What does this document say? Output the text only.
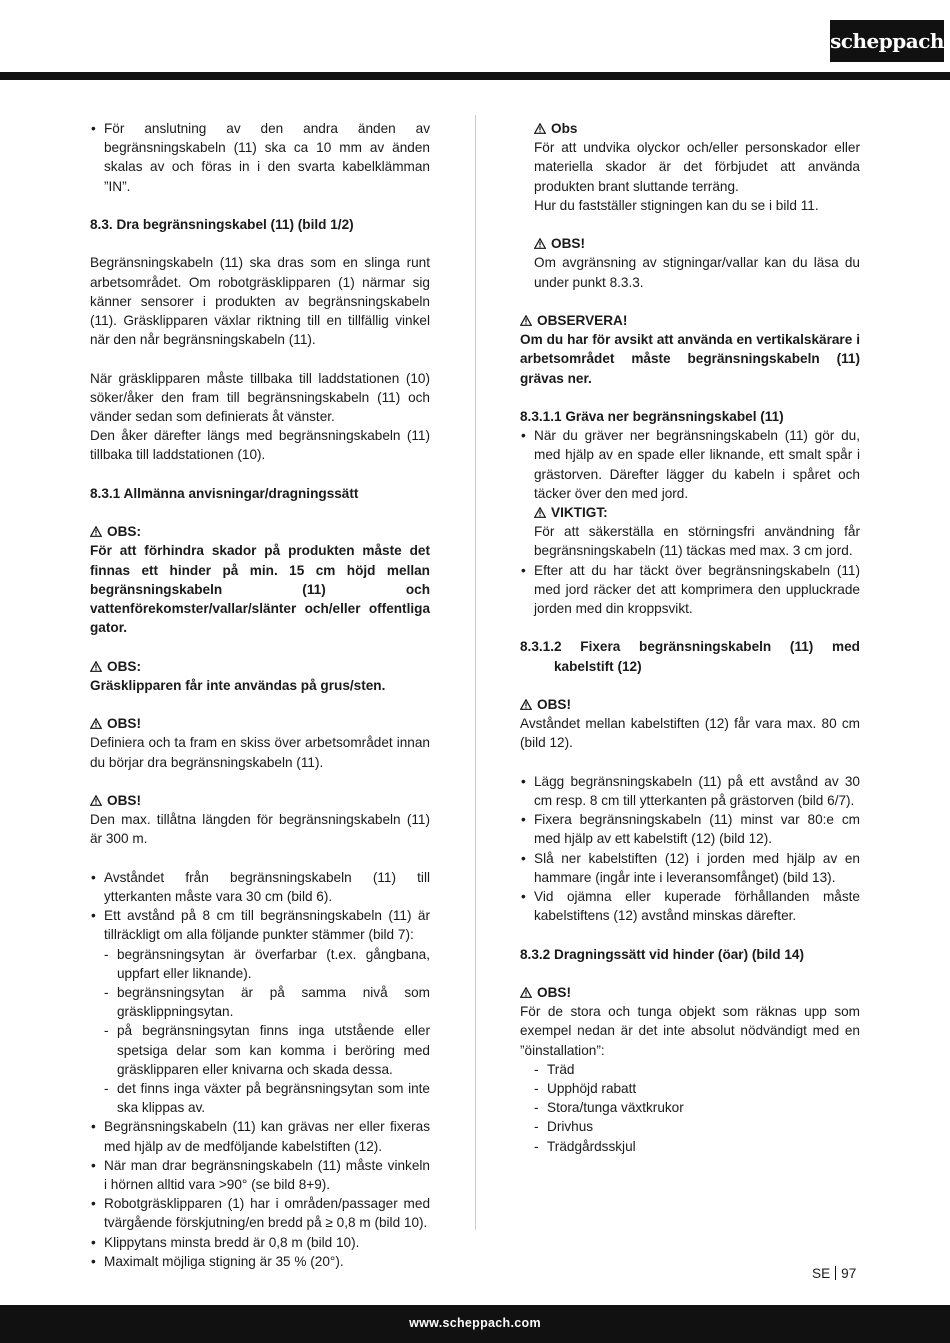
scheppach
• För anslutning av den andra änden av begränsningskabeln (11) ska ca 10 mm av änden skalas av och föras in i den svarta kabelklämman ”IN”.
8.3. Dra begränsningskabel (11) (bild 1/2)
Begränsningskabeln (11) ska dras som en slinga runt arbetsområdet. Om robotgräsklipparen (1) närmar sig känner sensorer i produkten av begränsningskabeln (11). Gräsklipparen växlar riktning till en tillfällig vinkel när den når begränsningskabeln (11).
När gräsklipparen måste tillbaka till laddstationen (10) söker/åker den fram till begränsningskabeln (11) och vänder sedan som definierats åt vänster.
Den åker därefter längs med begränsningskabeln (11) tillbaka till laddstationen (10).
8.3.1 Allmänna anvisningar/dragningssätt
OBS:
För att förhindra skador på produkten måste det finnas ett hinder på min. 15 cm höjd mellan begränsningskabeln (11) och vattenförekomster/vallar/slänter och/eller offentliga gator.
OBS:
Gräsklipparen får inte användas på grus/sten.
OBS!
Definiera och ta fram en skiss över arbetsområdet innan du börjar dra begränsningskabeln (11).
OBS!
Den max. tillåtna längden för begränsningskabeln (11) är 300 m.
• Avståndet från begränsningskabeln (11) till ytterkanten måste vara 30 cm (bild 6).
• Ett avstånd på 8 cm till begränsningskabeln (11) är tillräckligt om alla följande punkter stämmer (bild 7):
- begränsningsytan är överfarbar (t.ex. gångbana, uppfart eller liknande).
- begränsningsytan är på samma nivå som gräsklippningsytan.
- på begränsningsytan finns inga utstående eller spetsiga delar som kan komma i beröring med gräsklipparen eller knivarna och skada dessa.
- det finns inga växter på begränsningsytan som inte ska klippas av.
• Begränsningskabeln (11) kan grävas ner eller fixeras med hjälp av de medföljande kabelstiften (12).
• När man drar begränsningskabeln (11) måste vinkeln i hörnen alltid vara >90° (se bild 8+9).
• Robotgräsklipparen (1) har i områden/passager med tvärgående förskjutning/en bredd på ≥ 0,8 m (bild 10).
• Klippytans minsta bredd är 0,8 m (bild 10).
• Maximalt möjliga stigning är 35 % (20°).
Obs
För att undvika olyckor och/eller personskador eller materiella skador är det förbjudet att använda produkten brant sluttande terräng.
Hur du fastställer stigningen kan du se i bild 11.
OBS!
Om avgränsning av stigningar/vallar kan du läsa du under punkt 8.3.3.
OBSERVERA!
Om du har för avsikt att använda en vertikalskärare i arbetsområdet måste begränsningskabeln (11) grävas ner.
8.3.1.1 Gräva ner begränsningskabel (11)
• När du gräver ner begränsningskabeln (11) gör du, med hjälp av en spade eller liknande, ett smalt spår i grästorven. Därefter lägger du kabeln i spåret och täcker över den med jord.
VIKTIGT:
För att säkerställa en störningsfri användning får begränsningskabeln (11) täckas med max. 3 cm jord.
• Efter att du har täckt över begränsningskabeln (11) med jord räcker det att komprimera den uppluckrade jorden med din kroppsvikt.
8.3.1.2 Fixera begränsningskabeln (11) med kabelstift (12)
OBS!
Avståndet mellan kabelstiften (12) får vara max. 80 cm (bild 12).
• Lägg begränsningskabeln (11) på ett avstånd av 30 cm resp. 8 cm till ytterkanten på grästorven (bild 6/7).
• Fixera begränsningskabeln (11) minst var 80:e cm med hjälp av ett kabelstift (12) (bild 12).
• Slå ner kabelstiften (12) i jorden med hjälp av en hammare (ingår inte i leveransomfånget) (bild 13).
• Vid ojämna eller kuperade förhållanden måste kabelstiftens (12) avstånd minskas därefter.
8.3.2 Dragningssätt vid hinder (öar) (bild 14)
OBS!
För de stora och tunga objekt som räknas upp som exempel nedan är det inte absolut nödvändigt med en ”öinstallation”:
- Träd
- Upphöjd rabatt
- Stora/tunga växtkrukor
- Drivhus
- Trädgårdsskjul
SE 97
www.scheppach.com
